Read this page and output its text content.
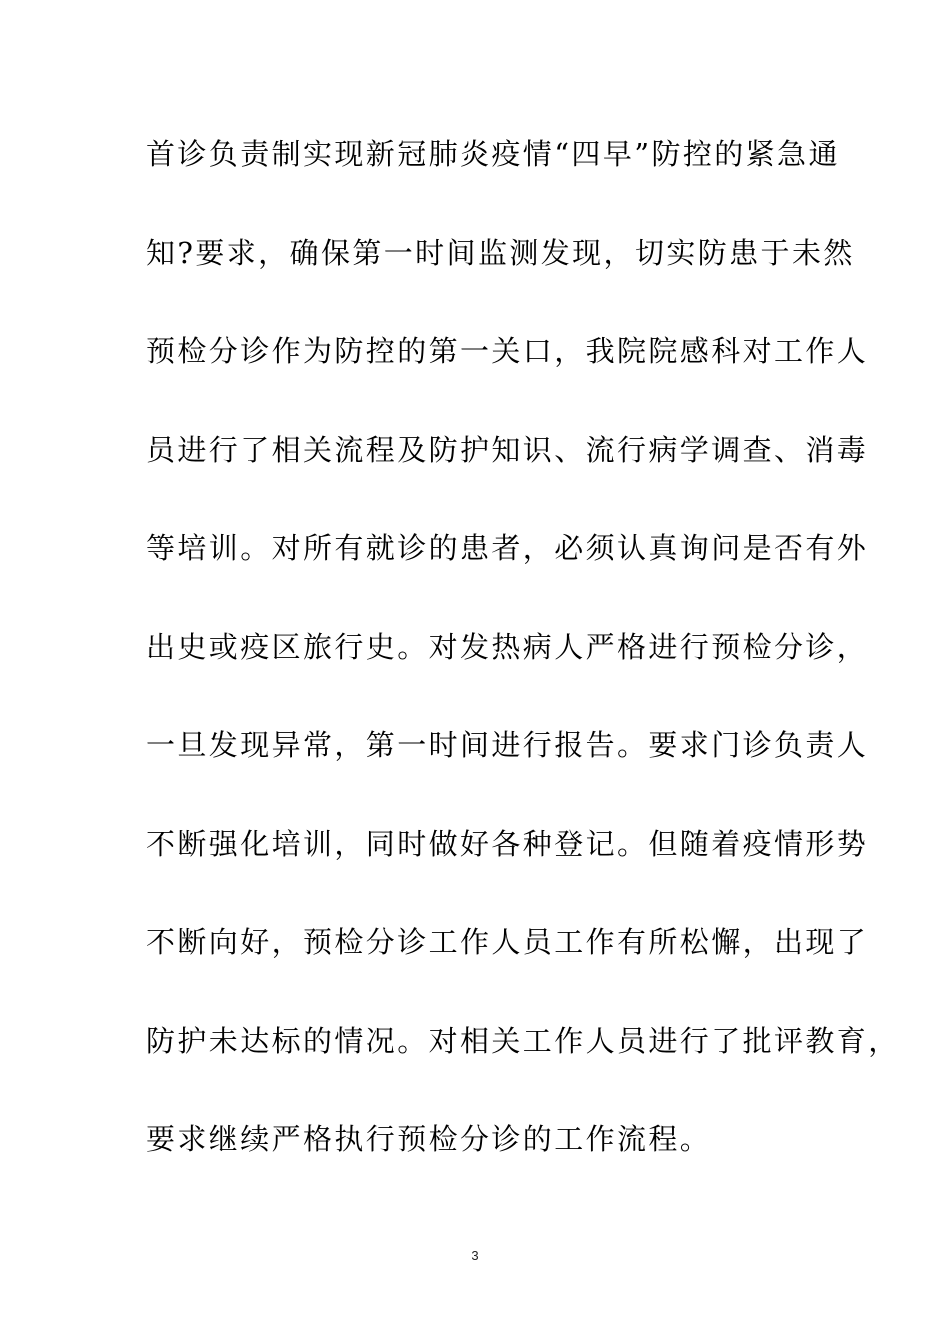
首诊负责制实现新冠肺炎疫情“四早”防控的紧急通
知?要求，确保第一时间监测发现，切实防患于未然
预检分诊作为防控的第一关口，我院院感科对工作人
员进行了相关流程及防护知识、流行病学调查、消毒
等培训。对所有就诊的患者，必须认真询问是否有外
出史或疫区旅行史。对发热病人严格进行预检分诊，
一旦发现异常，第一时间进行报告。要求门诊负责人
不断强化培训，同时做好各种登记。但随着疫情形势
不断向好，预检分诊工作人员工作有所松懈，出现了
防护未达标的情况。对相关工作人员进行了批评教育，
要求继续严格执行预检分诊的工作流程。
3
